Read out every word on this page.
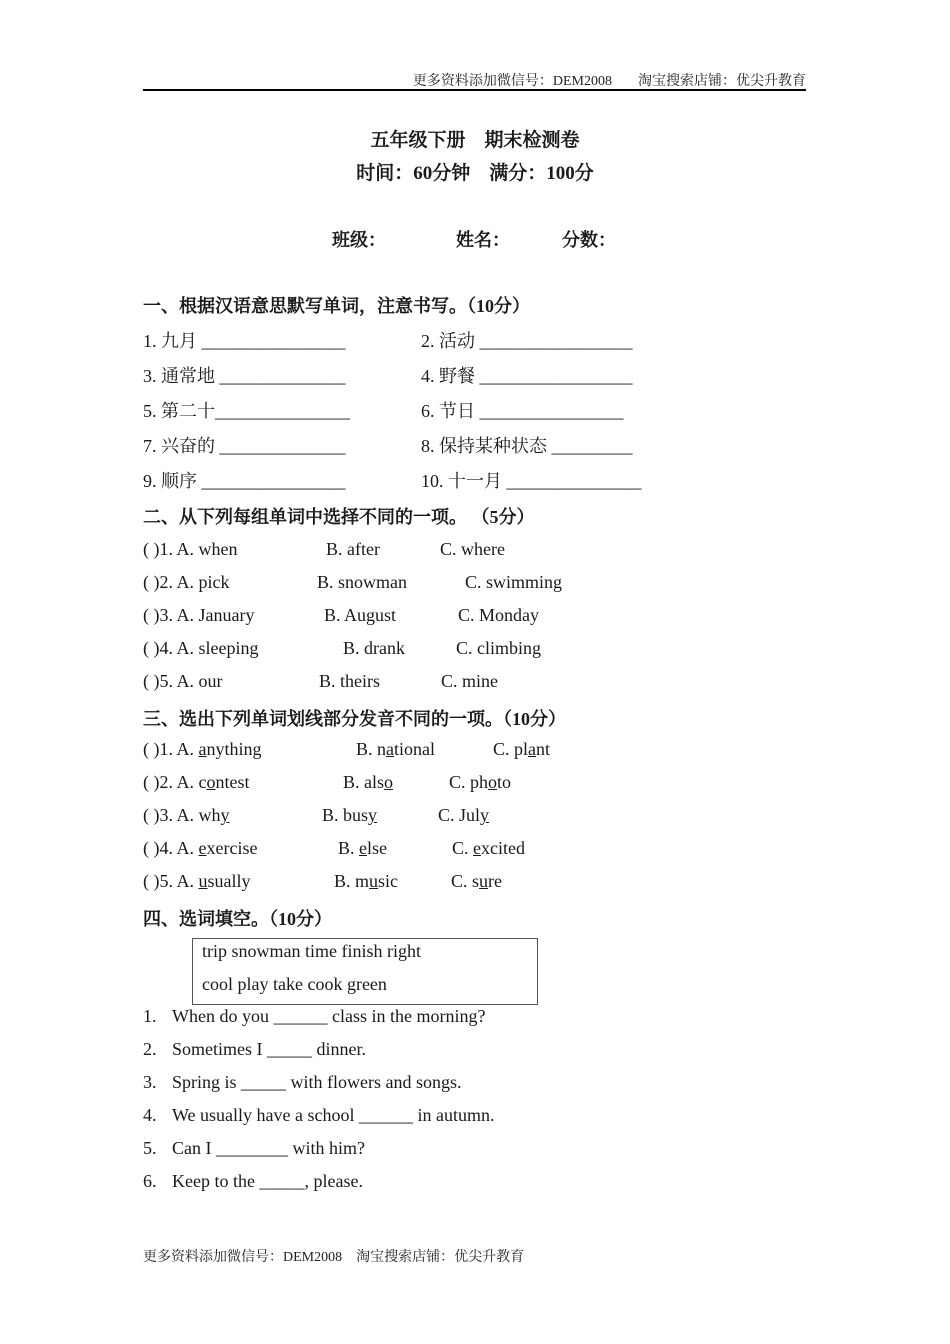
更多资料添加微信号：DEM2008 淘宝搜索店铺：优尖升教育
五年级下册　期末检测卷
时间：60分钟　满分：100分
班级：	姓名：	分数：
一、根据汉语意思默写单词，注意书写。（10分）
1. 九月 ________________	2. 活动 _________________
3. 通常地 ______________	4. 野餐 _________________
5. 第二十_______________	6. 节日 ________________
7. 兴奋的 ______________	8. 保持某种状态 _________
9. 顺序 ________________	10. 十一月 _______________
二、从下列每组单词中选择不同的一项。 （5分）
( )1. A. when	B. after	C. where
( )2. A. pick	B. snowman	C. swimming
( )3. A. January	B. August	C. Monday
( )4. A. sleeping	B. drank	C. climbing
( )5. A. our	B. theirs	C. mine
三、选出下列单词划线部分发音不同的一项。（10分）
( )1. A. anything	B. national	C. plant
( )2. A. contest	B. also	C. photo
( )3. A. why	B. busy	C. July
( )4. A. exercise	B. else	C. excited
( )5. A. usually	B. music	C. sure
四、选词填空。（10分）
trip snowman time finish right
cool play take cook green
1. When do you ______ class in the morning?
2. Sometimes I _____ dinner.
3. Spring is _____ with flowers and songs.
4. We usually have a school ______ in autumn.
5. Can I ________ with him?
6. Keep to the _____, please.
更多资料添加微信号：DEM2008 淘宝搜索店铺：优尖升教育
